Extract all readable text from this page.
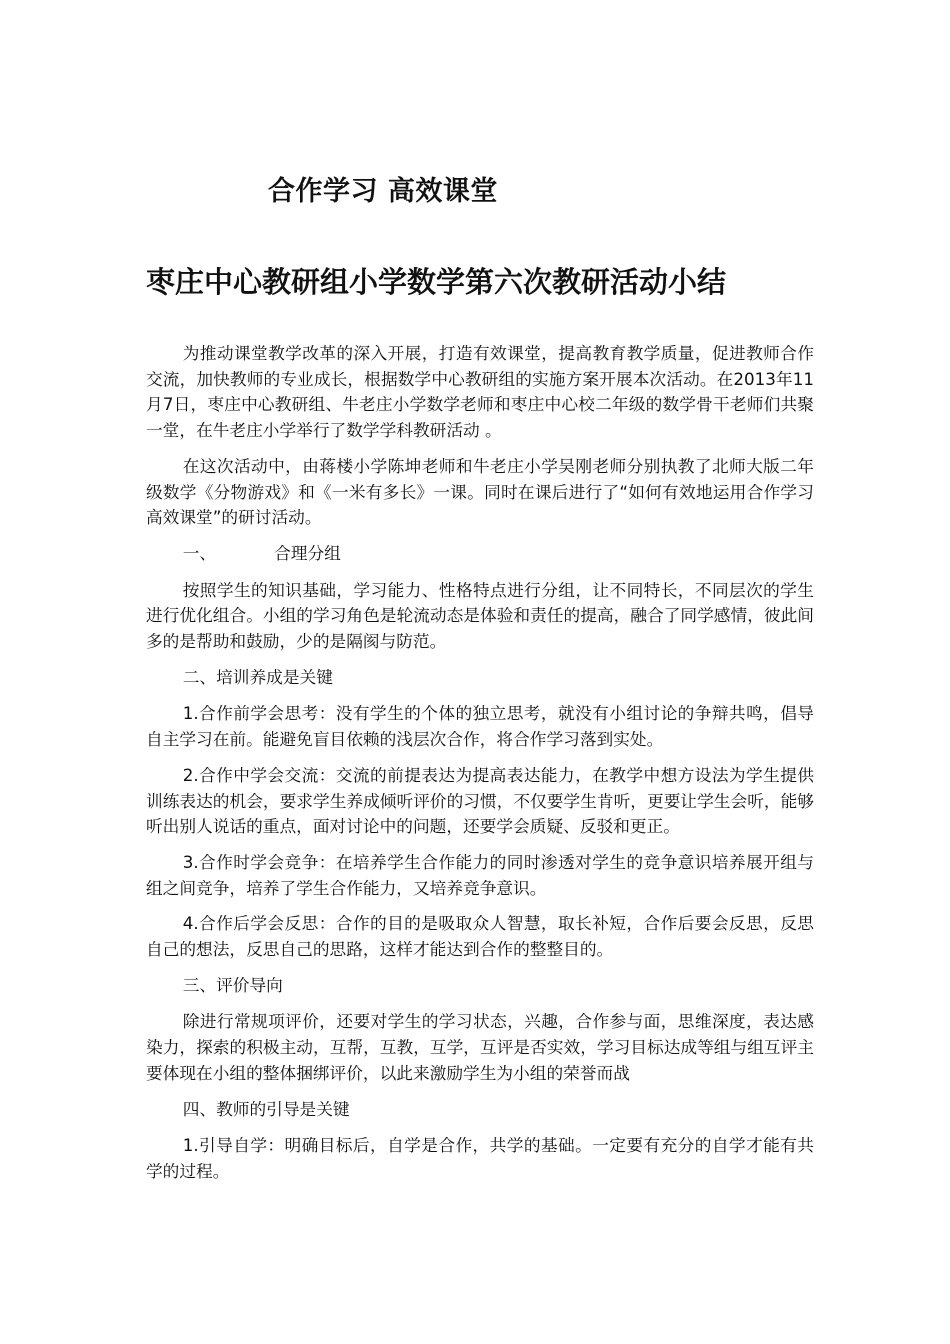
合作学习 高效课堂
枣庄中心教研组小学数学第六次教研活动小结

为推动课堂教学改革的深入开展，打造有效课堂，提高教育教学质量，促进教师合作交流，加快教师的专业成长，根据数学中心教研组的实施方案开展本次活动。在2013年11月7日，枣庄中心教研组、牛老庄小学数学老师和枣庄中心校二年级的数学骨干老师们共聚一堂，在牛老庄小学举行了数学学科教研活动 。

在这次活动中，由蒋楼小学陈坤老师和牛老庄小学吴刚老师分别执教了北师大版二年级数学《分物游戏》和《一米有多长》一课。同时在课后进行了“如何有效地运用合作学习 高效课堂”的研讨活动。

一、	合理分组

按照学生的知识基础，学习能力、性格特点进行分组，让不同特长，不同层次的学生进行优化组合。小组的学习角色是轮流动态是体验和责任的提高，融合了同学感情，彼此间多的是帮助和鼓励，少的是隔阂与防范。

二、培训养成是关键

1.合作前学会思考：没有学生的个体的独立思考，就没有小组讨论的争辩共鸣，倡导自主学习在前。能避免盲目依赖的浅层次合作，将合作学习落到实处。

2.合作中学会交流：交流的前提表达为提高表达能力，在教学中想方设法为学生提供训练表达的机会，要求学生养成倾听评价的习惯，不仅要学生肯听，更要让学生会听，能够听出别人说话的重点，面对讨论中的问题，还要学会质疑、反驳和更正。

3.合作时学会竞争：在培养学生合作能力的同时渗透对学生的竞争意识培养展开组与组之间竞争，培养了学生合作能力，又培养竞争意识。

4.合作后学会反思：合作的目的是吸取众人智慧，取长补短，合作后要会反思，反思自己的想法，反思自己的思路，这样才能达到合作的整整目的。

三、评价导向

除进行常规项评价，还要对学生的学习状态，兴趣，合作参与面，思维深度，表达感染力，探索的积极主动，互帮，互教，互学，互评是否实效，学习目标达成等组与组互评主要体现在小组的整体捆绑评价，以此来激励学生为小组的荣誉而战

四、教师的引导是关键

1.引导自学：明确目标后，自学是合作，共学的基础。一定要有充分的自学才能有共学的过程。
